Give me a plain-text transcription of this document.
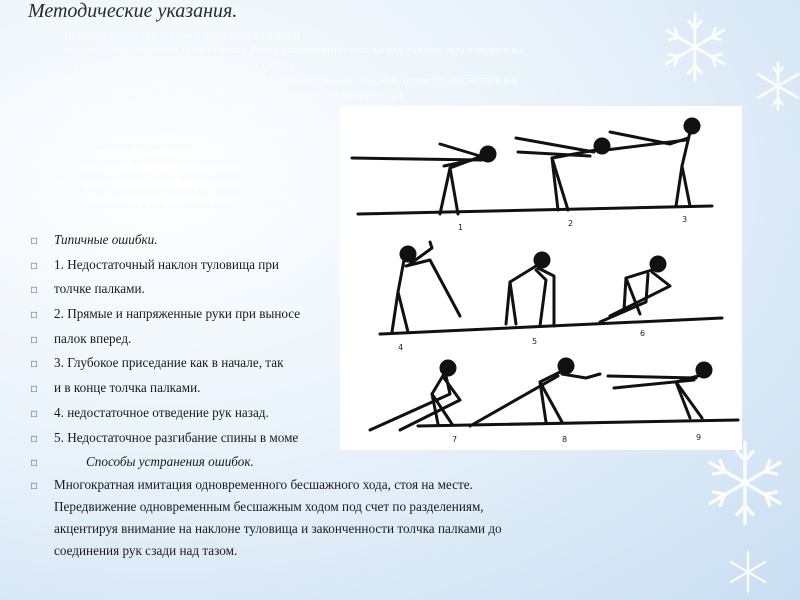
Методические указания.
Исходное положение – законченный толчок палками.
На счет « раз» - туловище выпрямляется. Руки с палками выносятся вперед, тяжесть тела передается к
передней границе опоры, палки на снег не ставятся.
На счет « два» обозначается толчок палками. Толчок начинается с наклона туловища. После того, как
наклон закончен, толчок продолжается руками до полного их выпрямления.
Затем это упражнение выполняется слитно.
2. Изучение техники движений рук, ног и туловища
при выполнении хода в целом.
Вначале нужно акцентировать внимание на
правильном выносе палок и постановке их на снег,
затем – на выполнении толчка до полного
выпрямления рук и при активном участии туловища.
1	2	3
4
5
6
7	8	9
▫ Типичные ошибки.
▫ 1. Недостаточный наклон туловища при
▫ толчке палками.
▫ 2. Прямые и напряженные руки при выносе
▫ палок вперед.
▫ 3. Глубокое приседание как в начале, так
▫ и в конце толчка палками.
▫ 4. недостаточное отведение рук назад.
▫ 5. Недостаточное разгибание спины в моме
▫	Способы устранения ошибок.
▫ Многократная имитация одновременного бесшажного хода, стоя на месте.
Передвижение одновременным бесшажным ходом под счет по разделениям,
акцентируя внимание на наклоне туловища и законченности толчка палками до
соединения рук сзади над тазом.
